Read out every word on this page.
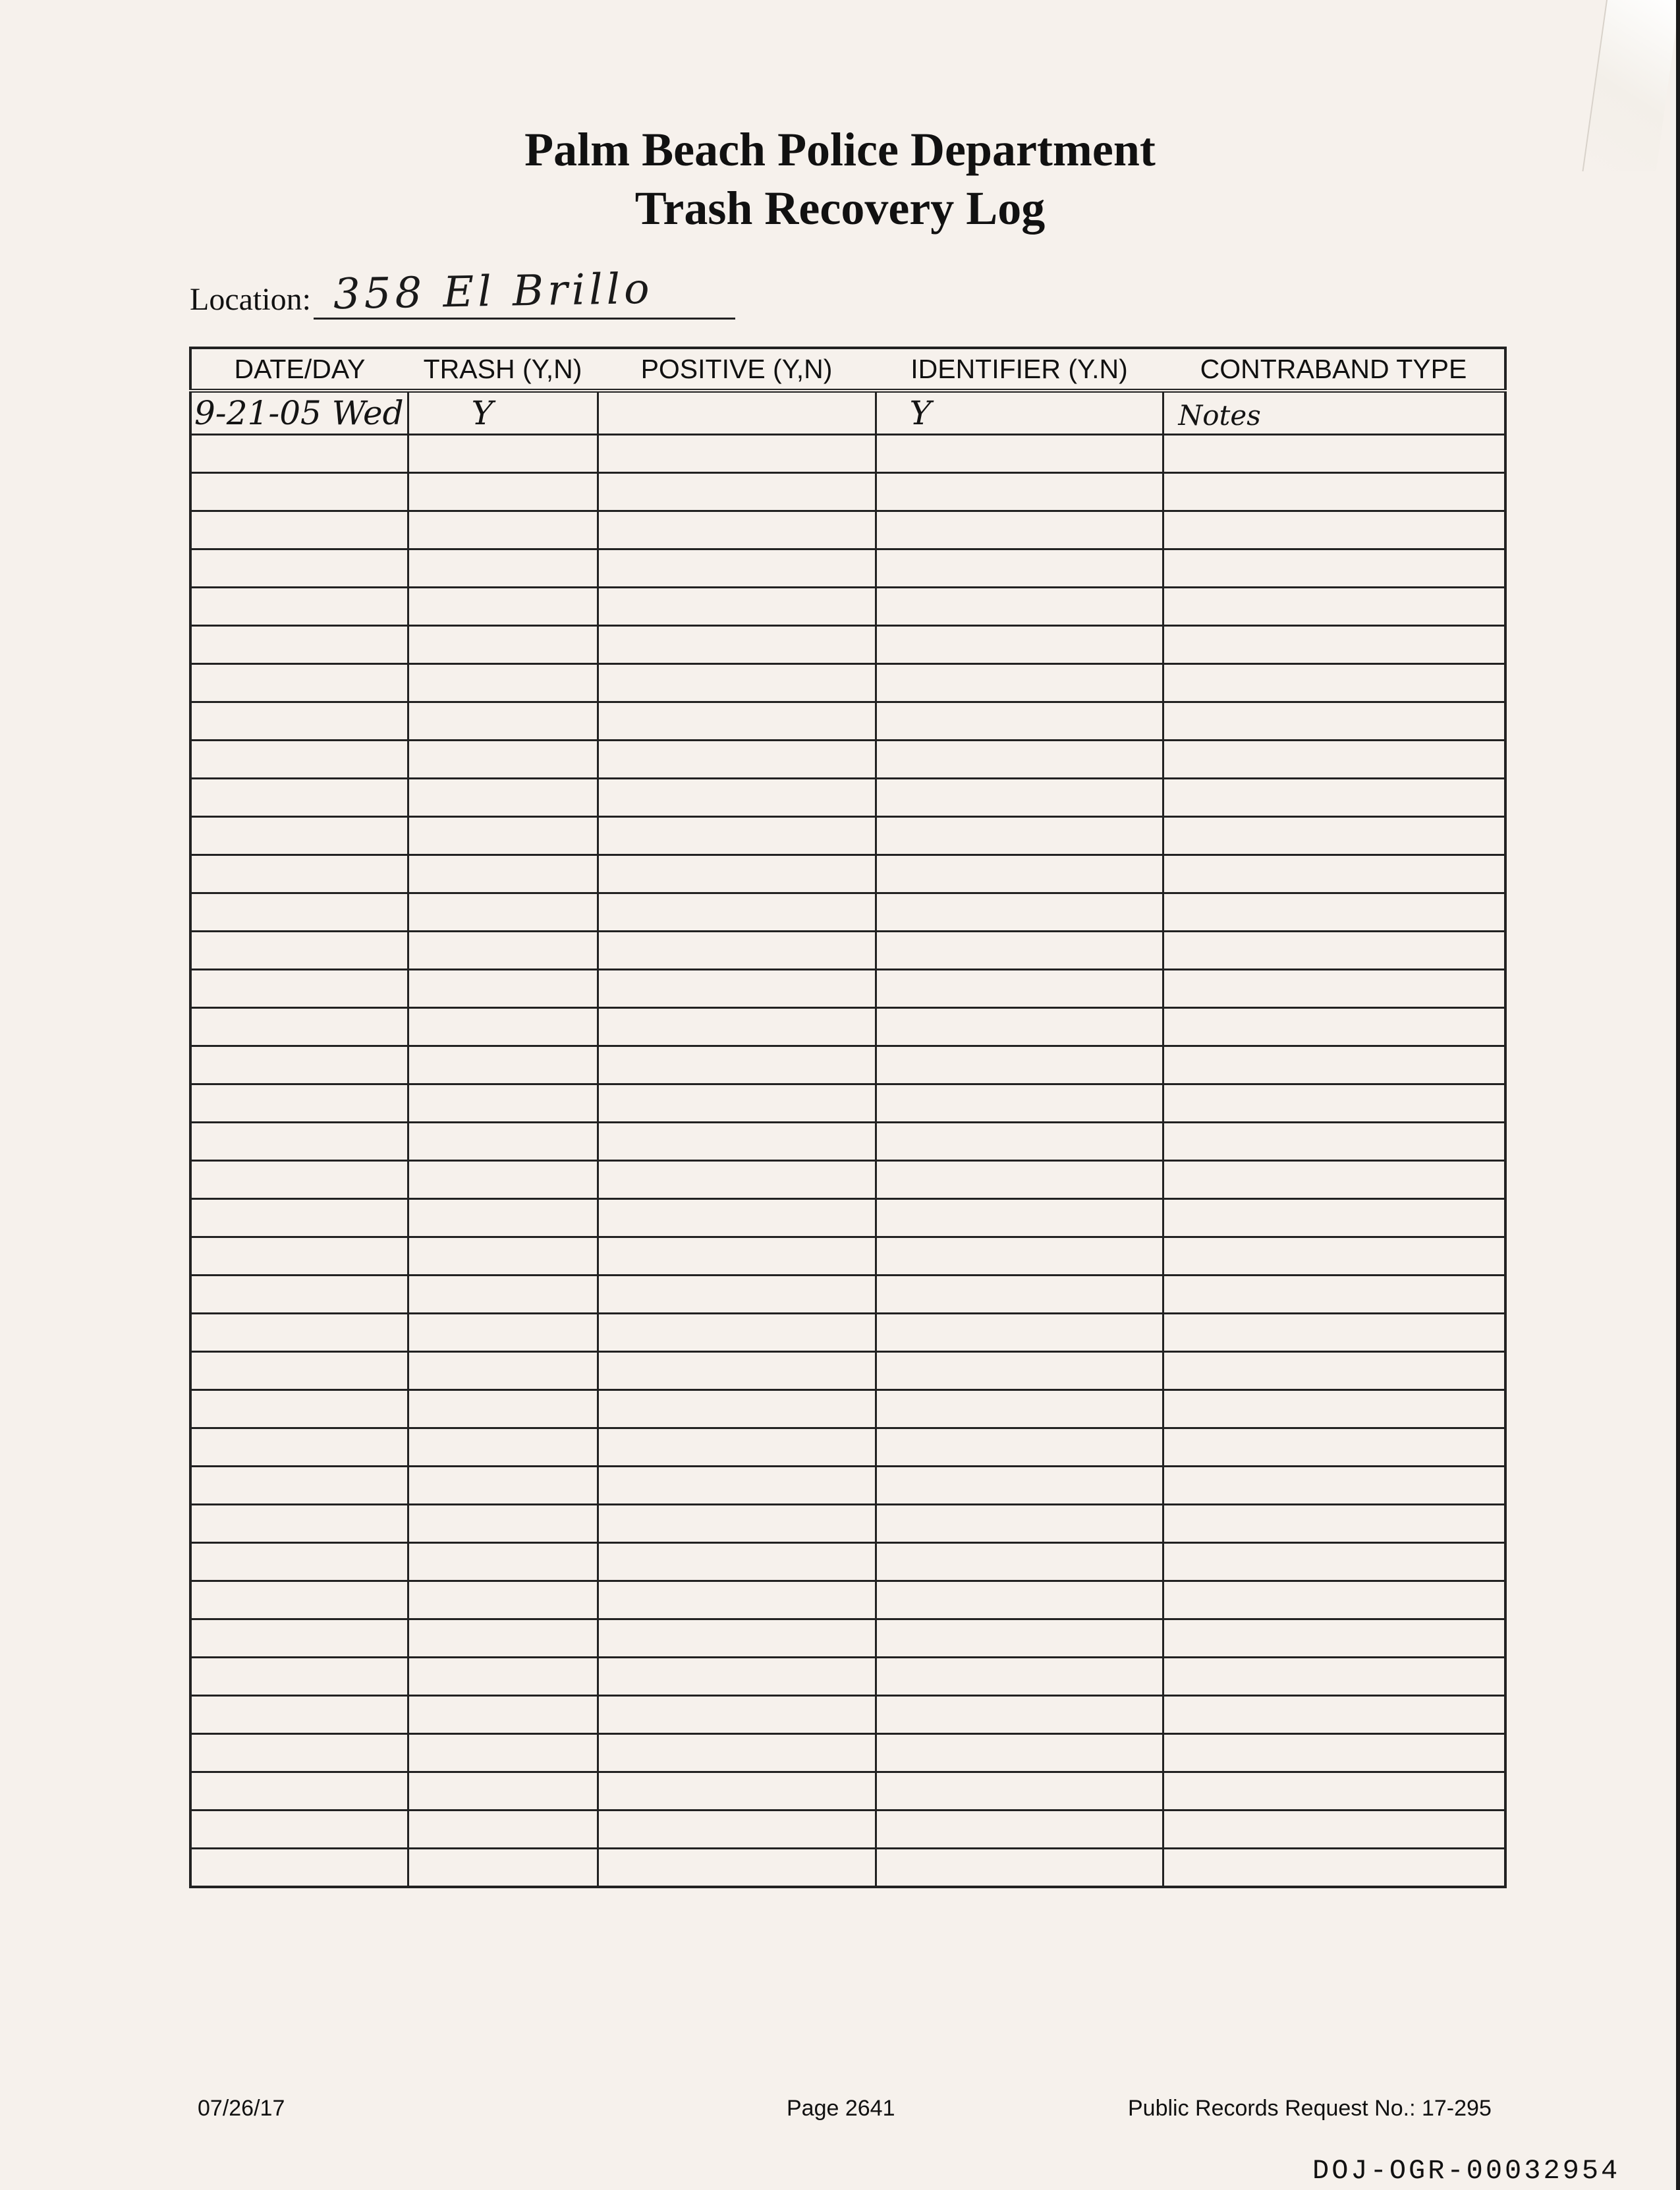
Palm Beach Police Department
Trash Recovery Log
Location: 358 El Brillo
DATE/DAY	TRASH (Y,N)	POSITIVE (Y,N)	IDENTIFIER (Y.N)	CONTRABAND TYPE

9-21-05 Wed	Y		Y	Notes

07/26/17	Page 2641	Public Records Request No.: 17-295
DOJ-OGR-00032954
